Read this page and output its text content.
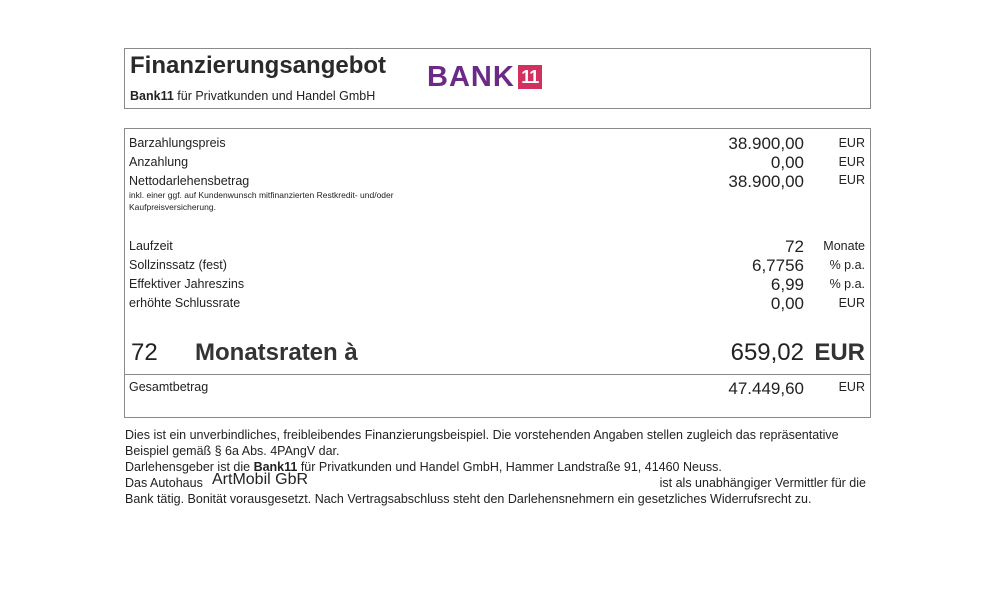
Finanzierungsangebot BANK 11
Bank11 für Privatkunden und Handel GmbH
Barzahlungspreis	38.900,00	EUR
Anzahlung	0,00	EUR
Nettodarlehensbetrag	38.900,00	EUR
inkl. einer ggf. auf Kundenwunsch mitfinanzierten Restkredit- und/oder Kaufpreisversicherung.
Laufzeit	72 Monate
Sollzinssatz (fest)	6,7756 % p.a.
Effektiver Jahreszins	6,99 % p.a.
erhöhte Schlussrate	0,00	EUR
72 Monatsraten à	659,02 EUR
Gesamtbetrag	47.449,60	EUR

Dies ist ein unverbindliches, freibleibendes Finanzierungsbeispiel. Die vorstehenden Angaben stellen zugleich das repräsentative Beispiel gemäß § 6a Abs. 4PAngV dar.

Darlehensgeber ist die Bank11 für Privatkunden und Handel GmbH, Hammer Landstraße 91, 41460 Neuss.

Das Autohaus ArtMobil GbR	ist als unabhängiger Vermittler für die

Bank tätig. Bonität vorausgesetzt. Nach Vertragsabschluss steht den Darlehensnehmern ein gesetzliches Widerrufsrecht zu.
